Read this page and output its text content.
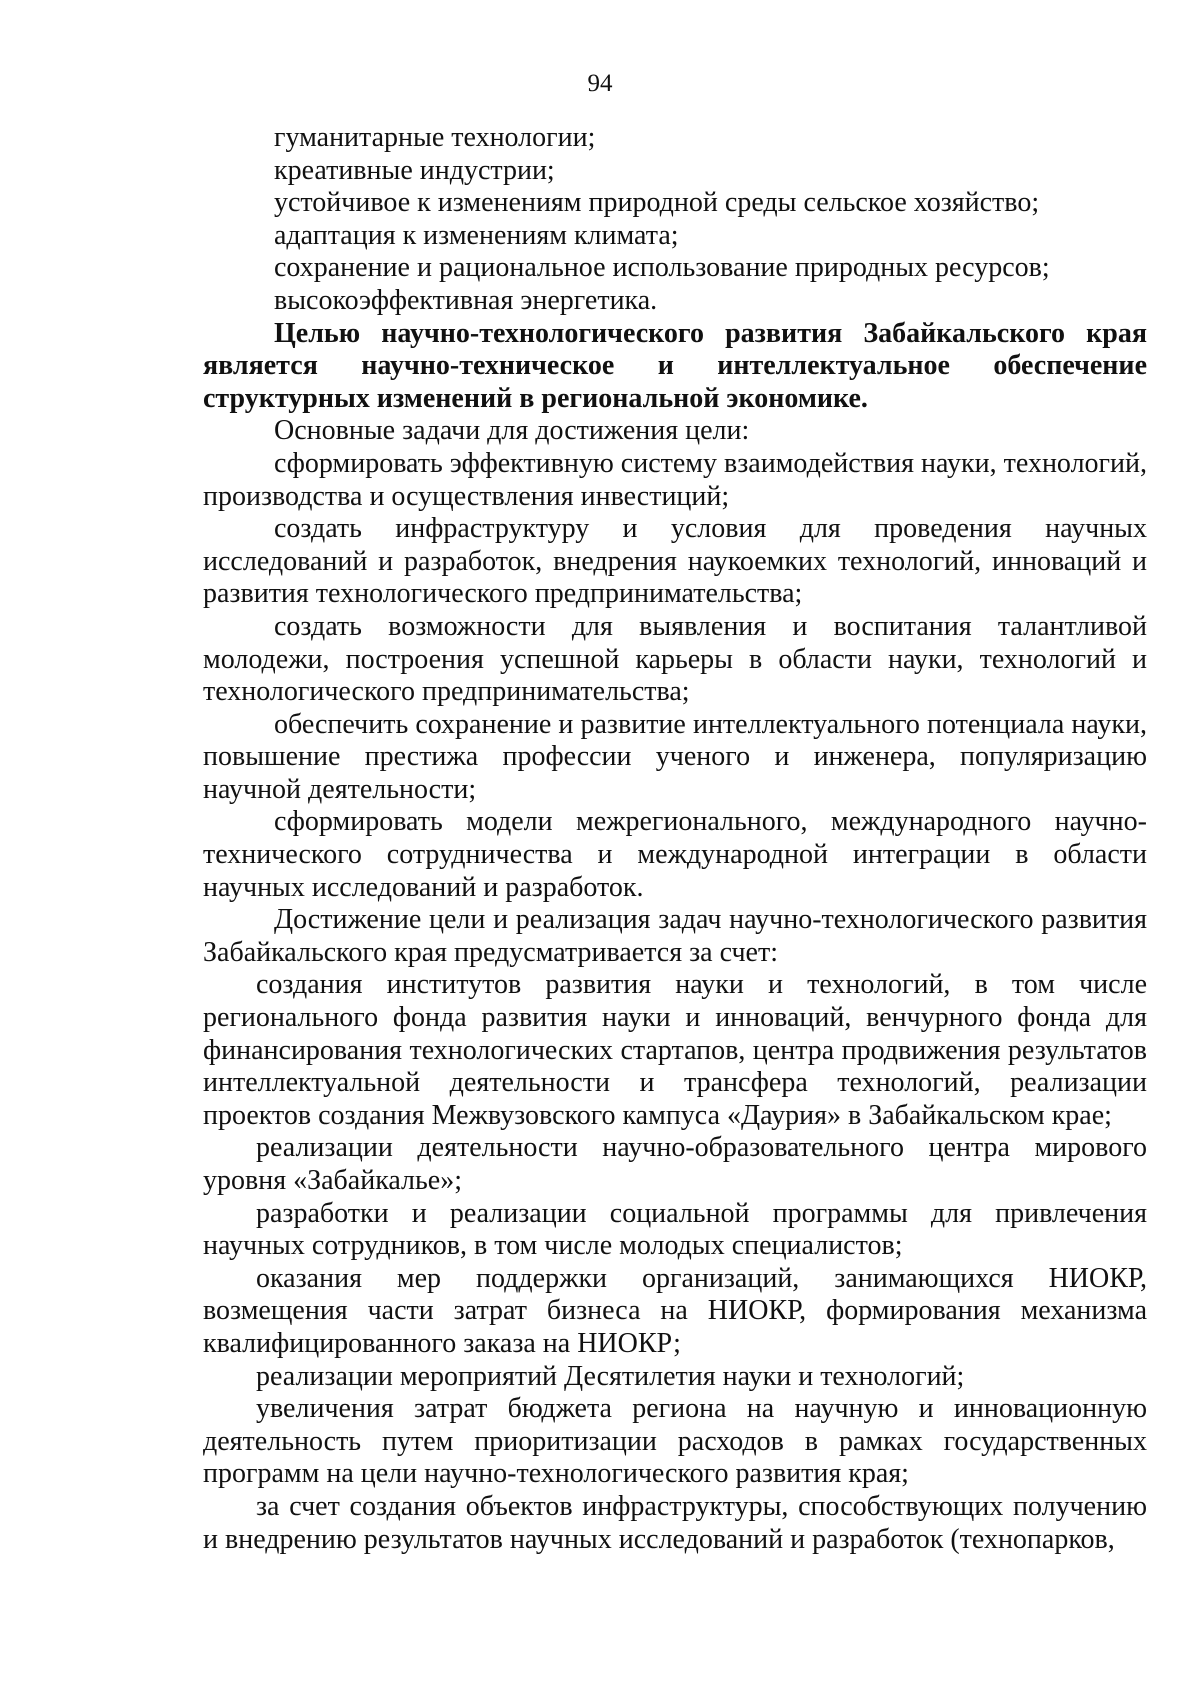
94

гуманитарные технологии;

креативные индустрии;

устойчивое к изменениям природной среды сельское хозяйство;

адаптация к изменениям климата;

сохранение и рациональное использование природных ресурсов;

высокоэффективная энергетика.

Целью научно-технологического развития Забайкальского края является научно-техническое и интеллектуальное обеспечение структурных изменений в региональной экономике.

Основные задачи для достижения цели:

сформировать эффективную систему взаимодействия науки, технологий, производства и осуществления инвестиций;

создать инфраструктуру и условия для проведения научных исследований и разработок, внедрения наукоемких технологий, инноваций и развития технологического предпринимательства;

создать возможности для выявления и воспитания талантливой молодежи, построения успешной карьеры в области науки, технологий и технологического предпринимательства;

обеспечить сохранение и развитие интеллектуального потенциала науки, повышение престижа профессии ученого и инженера, популяризацию научной деятельности;

сформировать модели межрегионального, международного научно-технического сотрудничества и международной интеграции в области научных исследований и разработок.

Достижение цели и реализация задач научно-технологического развития Забайкальского края предусматривается за счет:

создания институтов развития науки и технологий, в том числе регионального фонда развития науки и инноваций, венчурного фонда для финансирования технологических стартапов, центра продвижения результатов интеллектуальной деятельности и трансфера технологий, реализации проектов создания Межвузовского кампуса «Даурия» в Забайкальском крае;

реализации деятельности научно-образовательного центра мирового уровня «Забайкалье»;

разработки и реализации социальной программы для привлечения научных сотрудников, в том числе молодых специалистов;

оказания мер поддержки организаций, занимающихся НИОКР, возмещения части затрат бизнеса на НИОКР, формирования механизма квалифицированного заказа на НИОКР;

реализации мероприятий Десятилетия науки и технологий;

увеличения затрат бюджета региона на научную и инновационную деятельность путем приоритизации расходов в рамках государственных программ на цели научно-технологического развития края;

за счет создания объектов инфраструктуры, способствующих получению и внедрению результатов научных исследований и разработок (технопарков,
